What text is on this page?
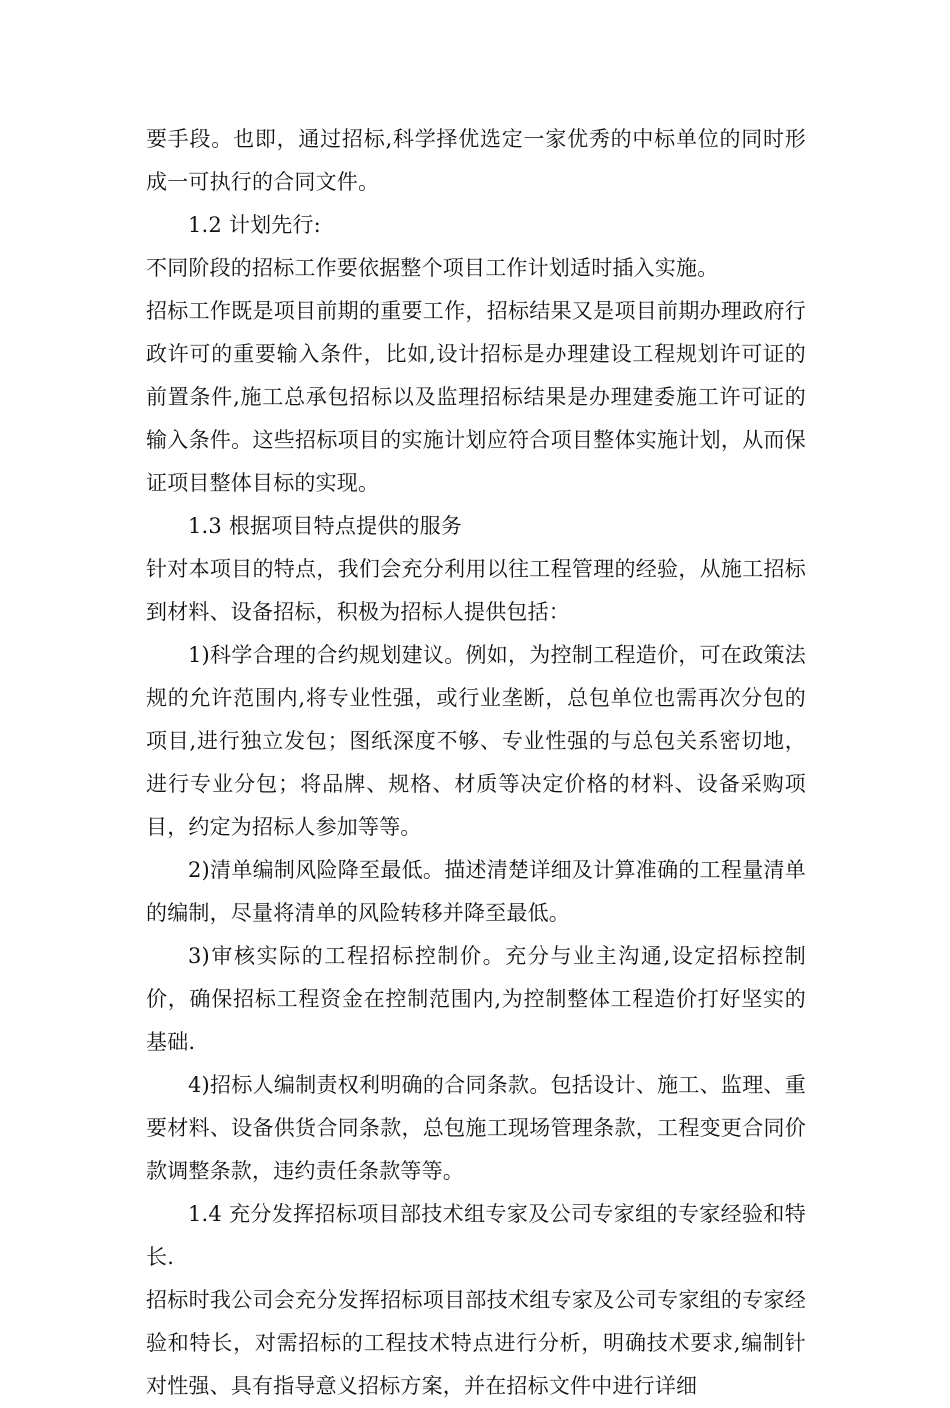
要手段。也即，通过招标,科学择优选定一家优秀的中标单位的同时形成一可执行的合同文件。

1.2 计划先行:

不同阶段的招标工作要依据整个项目工作计划适时插入实施。

招标工作既是项目前期的重要工作，招标结果又是项目前期办理政府行政许可的重要输入条件，比如,设计招标是办理建设工程规划许可证的前置条件,施工总承包招标以及监理招标结果是办理建委施工许可证的输入条件。这些招标项目的实施计划应符合项目整体实施计划，从而保证项目整体目标的实现。

1.3 根据项目特点提供的服务

针对本项目的特点，我们会充分利用以往工程管理的经验，从施工招标到材料、设备招标，积极为招标人提供包括：

1)科学合理的合约规划建议。例如，为控制工程造价，可在政策法规的允许范围内,将专业性强，或行业垄断，总包单位也需再次分包的项目,进行独立发包；图纸深度不够、专业性强的与总包关系密切地，进行专业分包；将品牌、规格、材质等决定价格的材料、设备采购项目，约定为招标人参加等等。

2)清单编制风险降至最低。描述清楚详细及计算准确的工程量清单的编制，尽量将清单的风险转移并降至最低。

3)审核实际的工程招标控制价。充分与业主沟通,设定招标控制价，确保招标工程资金在控制范围内,为控制整体工程造价打好坚实的基础.

4)招标人编制责权利明确的合同条款。包括设计、施工、监理、重要材料、设备供货合同条款，总包施工现场管理条款，工程变更合同价款调整条款，违约责任条款等等。

1.4 充分发挥招标项目部技术组专家及公司专家组的专家经验和特长.

招标时我公司会充分发挥招标项目部技术组专家及公司专家组的专家经验和特长，对需招标的工程技术特点进行分析，明确技术要求,编制针对性强、具有指导意义招标方案，并在招标文件中进行详细
